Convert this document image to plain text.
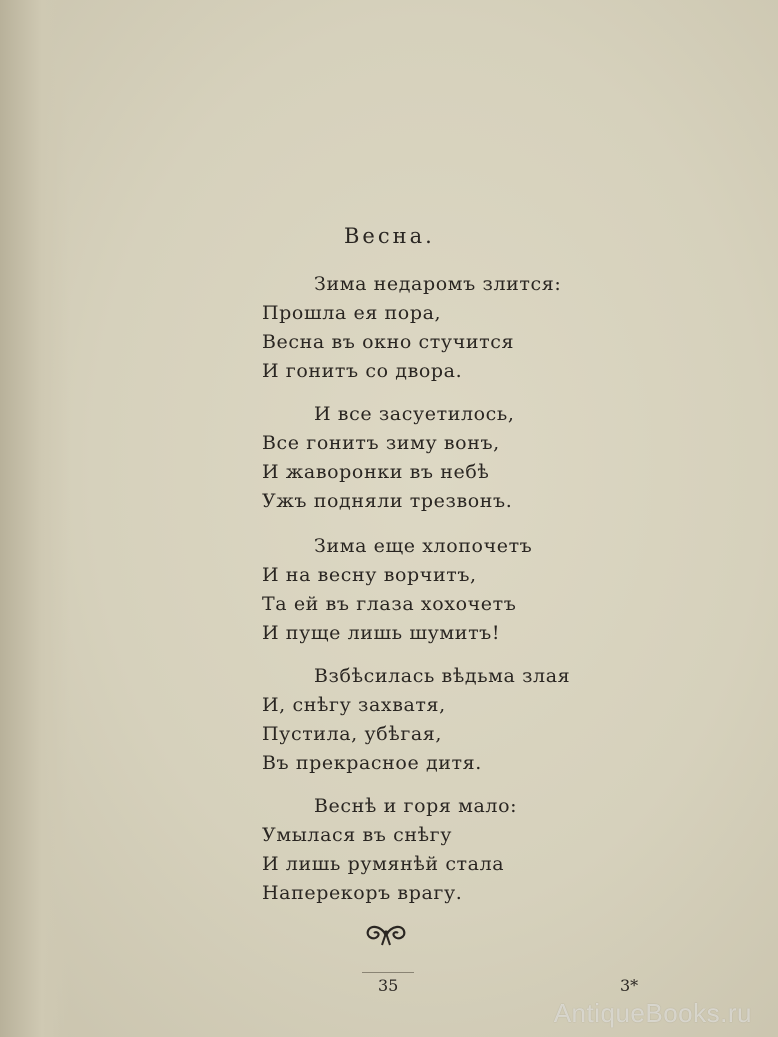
Весна.
Зима недаромъ злится:
Прошла ея пора,
Весна въ окно стучится
И гонитъ со двора.
И все засуетилось,
Все гонитъ зиму вонъ,
И жаворонки въ небѣ
Ужъ подняли трезвонъ.
Зима еще хлопочетъ
И на весну ворчитъ,
Та ей въ глаза хохочетъ
И пуще лишь шумитъ!
Взбѣсилась вѣдьма злая
И, снѣгу захватя,
Пустила, убѣгая,
Въ прекрасное дитя.
Веснѣ и горя мало:
Умылася въ снѣгу
И лишь румянѣй стала
Наперекоръ врагу.
35	3*
AntiqueBooks.ru
